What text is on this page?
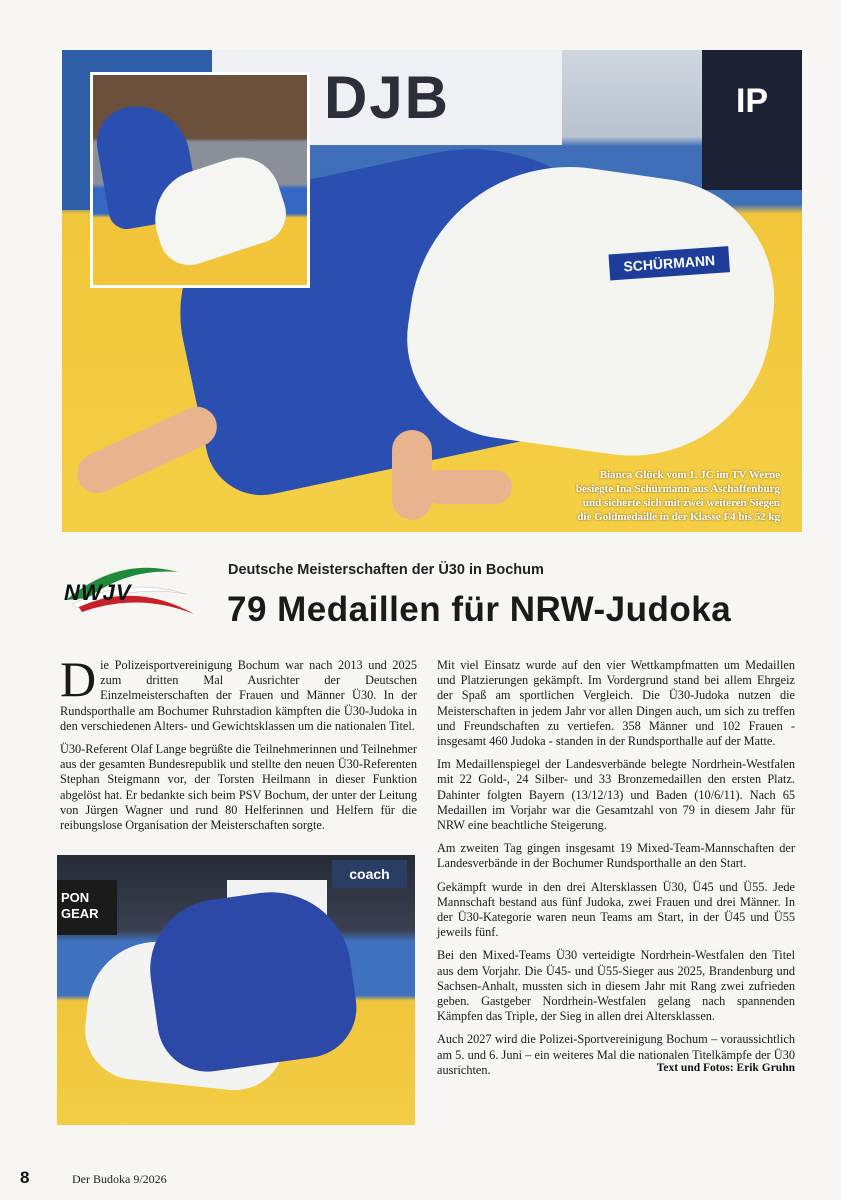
DJB	IP
SCHÜRMANN
Bianca Glück vom 1. JC im TV Werne
besiegte Ina Schürmann aus Aschaffenburg
und sicherte sich mit zwei weiteren Siegen
die Goldmedaille in der Klasse F4 bis 52 kg
NWJV
Deutsche Meisterschaften der Ü30 in Bochum
79 Medaillen für NRW-Judoka

Die Polizeisportvereinigung Bochum war nach 2013 und 2025 zum dritten Mal Ausrichter der Deutschen Einzelmeisterschaften der Frauen und Männer Ü30. In der Rundsporthalle am Bochumer Ruhrstadion kämpften die Ü30-Judoka in den verschiedenen Alters- und Gewichtsklassen um die nationalen Titel.

Ü30-Referent Olaf Lange begrüßte die Teilnehmerinnen und Teilnehmer aus der gesamten Bundesrepublik und stellte den neuen Ü30-Referenten Stephan Steigmann vor, der Torsten Heilmann in dieser Funktion abgelöst hat. Er bedankte sich beim PSV Bochum, der unter der Leitung von Jürgen Wagner und rund 80 Helferinnen und Helfern für die reibungslose Organisation der Meisterschaften sorgte.

PON GEAR
coach

Mit viel Einsatz wurde auf den vier Wettkampfmatten um Medaillen und Platzierungen gekämpft. Im Vordergrund stand bei allem Ehrgeiz der Spaß am sportlichen Vergleich. Die Ü30-Judoka nutzen die Meisterschaften in jedem Jahr vor allen Dingen auch, um sich zu treffen und Freundschaften zu vertiefen. 358 Männer und 102 Frauen - insgesamt 460 Judoka - standen in der Rundsporthalle auf der Matte.

Im Medaillenspiegel der Landesverbände belegte Nordrhein-Westfalen mit 22 Gold-, 24 Silber- und 33 Bronzemedaillen den ersten Platz. Dahinter folgten Bayern (13/12/13) und Baden (10/6/11). Nach 65 Medaillen im Vorjahr war die Gesamtzahl von 79 in diesem Jahr für NRW eine beachtliche Steigerung.

Am zweiten Tag gingen insgesamt 19 Mixed-Team-Mannschaften der Landesverbände in der Bochumer Rundsporthalle an den Start.

Gekämpft wurde in den drei Altersklassen Ü30, Ü45 und Ü55. Jede Mannschaft bestand aus fünf Judoka, zwei Frauen und drei Männer. In der Ü30-Kategorie waren neun Teams am Start, in der Ü45 und Ü55 jeweils fünf.

Bei den Mixed-Teams Ü30 verteidigte Nordrhein-Westfalen den Titel aus dem Vorjahr. Die Ü45- und Ü55-Sieger aus 2025, Brandenburg und Sachsen-Anhalt, mussten sich in diesem Jahr mit Rang zwei zufrieden geben. Gastgeber Nordrhein-Westfalen gelang nach spannenden Kämpfen das Triple, der Sieg in allen drei Altersklassen.

Auch 2027 wird die Polizei-Sportvereinigung Bochum – voraussichtlich am 5. und 6. Juni – ein weiteres Mal die nationalen Titelkämpfe der Ü30 ausrichten.	Text und Fotos: Erik Gruhn
8	Der Budoka 9/2026
